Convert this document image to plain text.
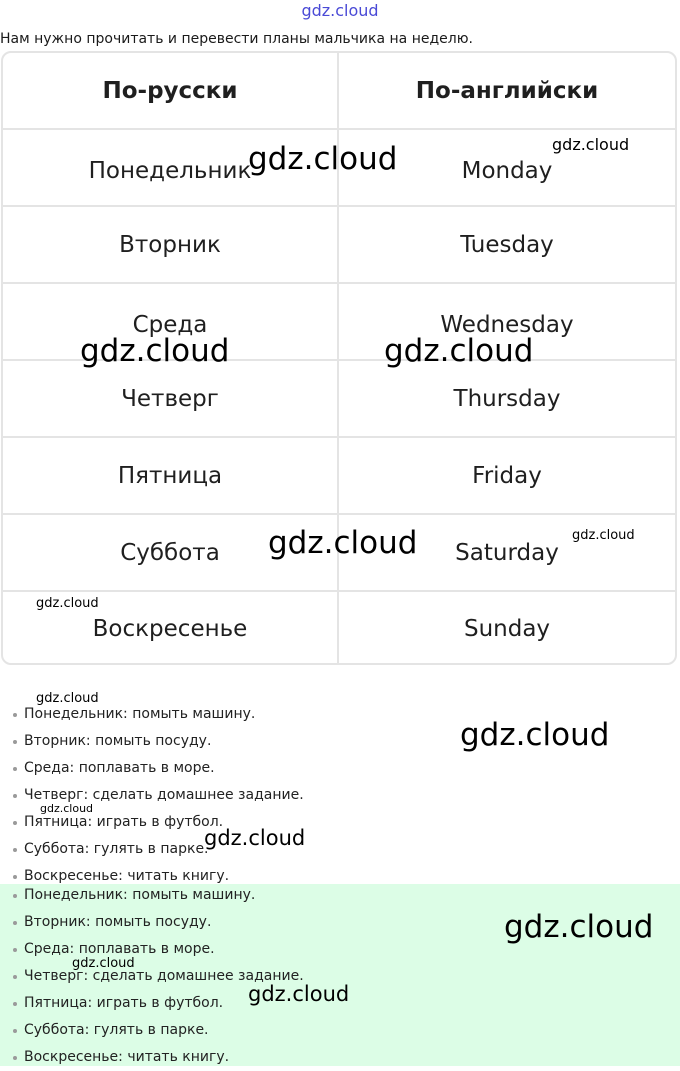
gdz.cloud
Нам нужно прочитать и перевести планы мальчика на неделю.
По-русски	По-английски
Понедельник	Monday
Вторник	Tuesday
Среда	Wednesday
Четверг	Thursday
Пятница	Friday
Суббота	Saturday
Воскресенье	Sunday
Понедельник: помыть машину.
Вторник: помыть посуду.
Среда: поплавать в море.
Четверг: сделать домашнее задание.
Пятница: играть в футбол.
Суббота: гулять в парке.
Воскресенье: читать книгу.
Понедельник: помыть машину.
Вторник: помыть посуду.
Среда: поплавать в море.
Четверг: сделать домашнее задание.
Пятница: играть в футбол.
Суббота: гулять в парке.
Воскресенье: читать книгу.
gdz.cloud	gdz.cloud
gdz.cloud	gdz.cloud
gdz.cloud	gdz.cloud
gdz.cloud
gdz.cloud
gdz.cloud
gdz.cloud
gdz.cloud
gdz.cloud
gdz.cloud
gdz.cloud
